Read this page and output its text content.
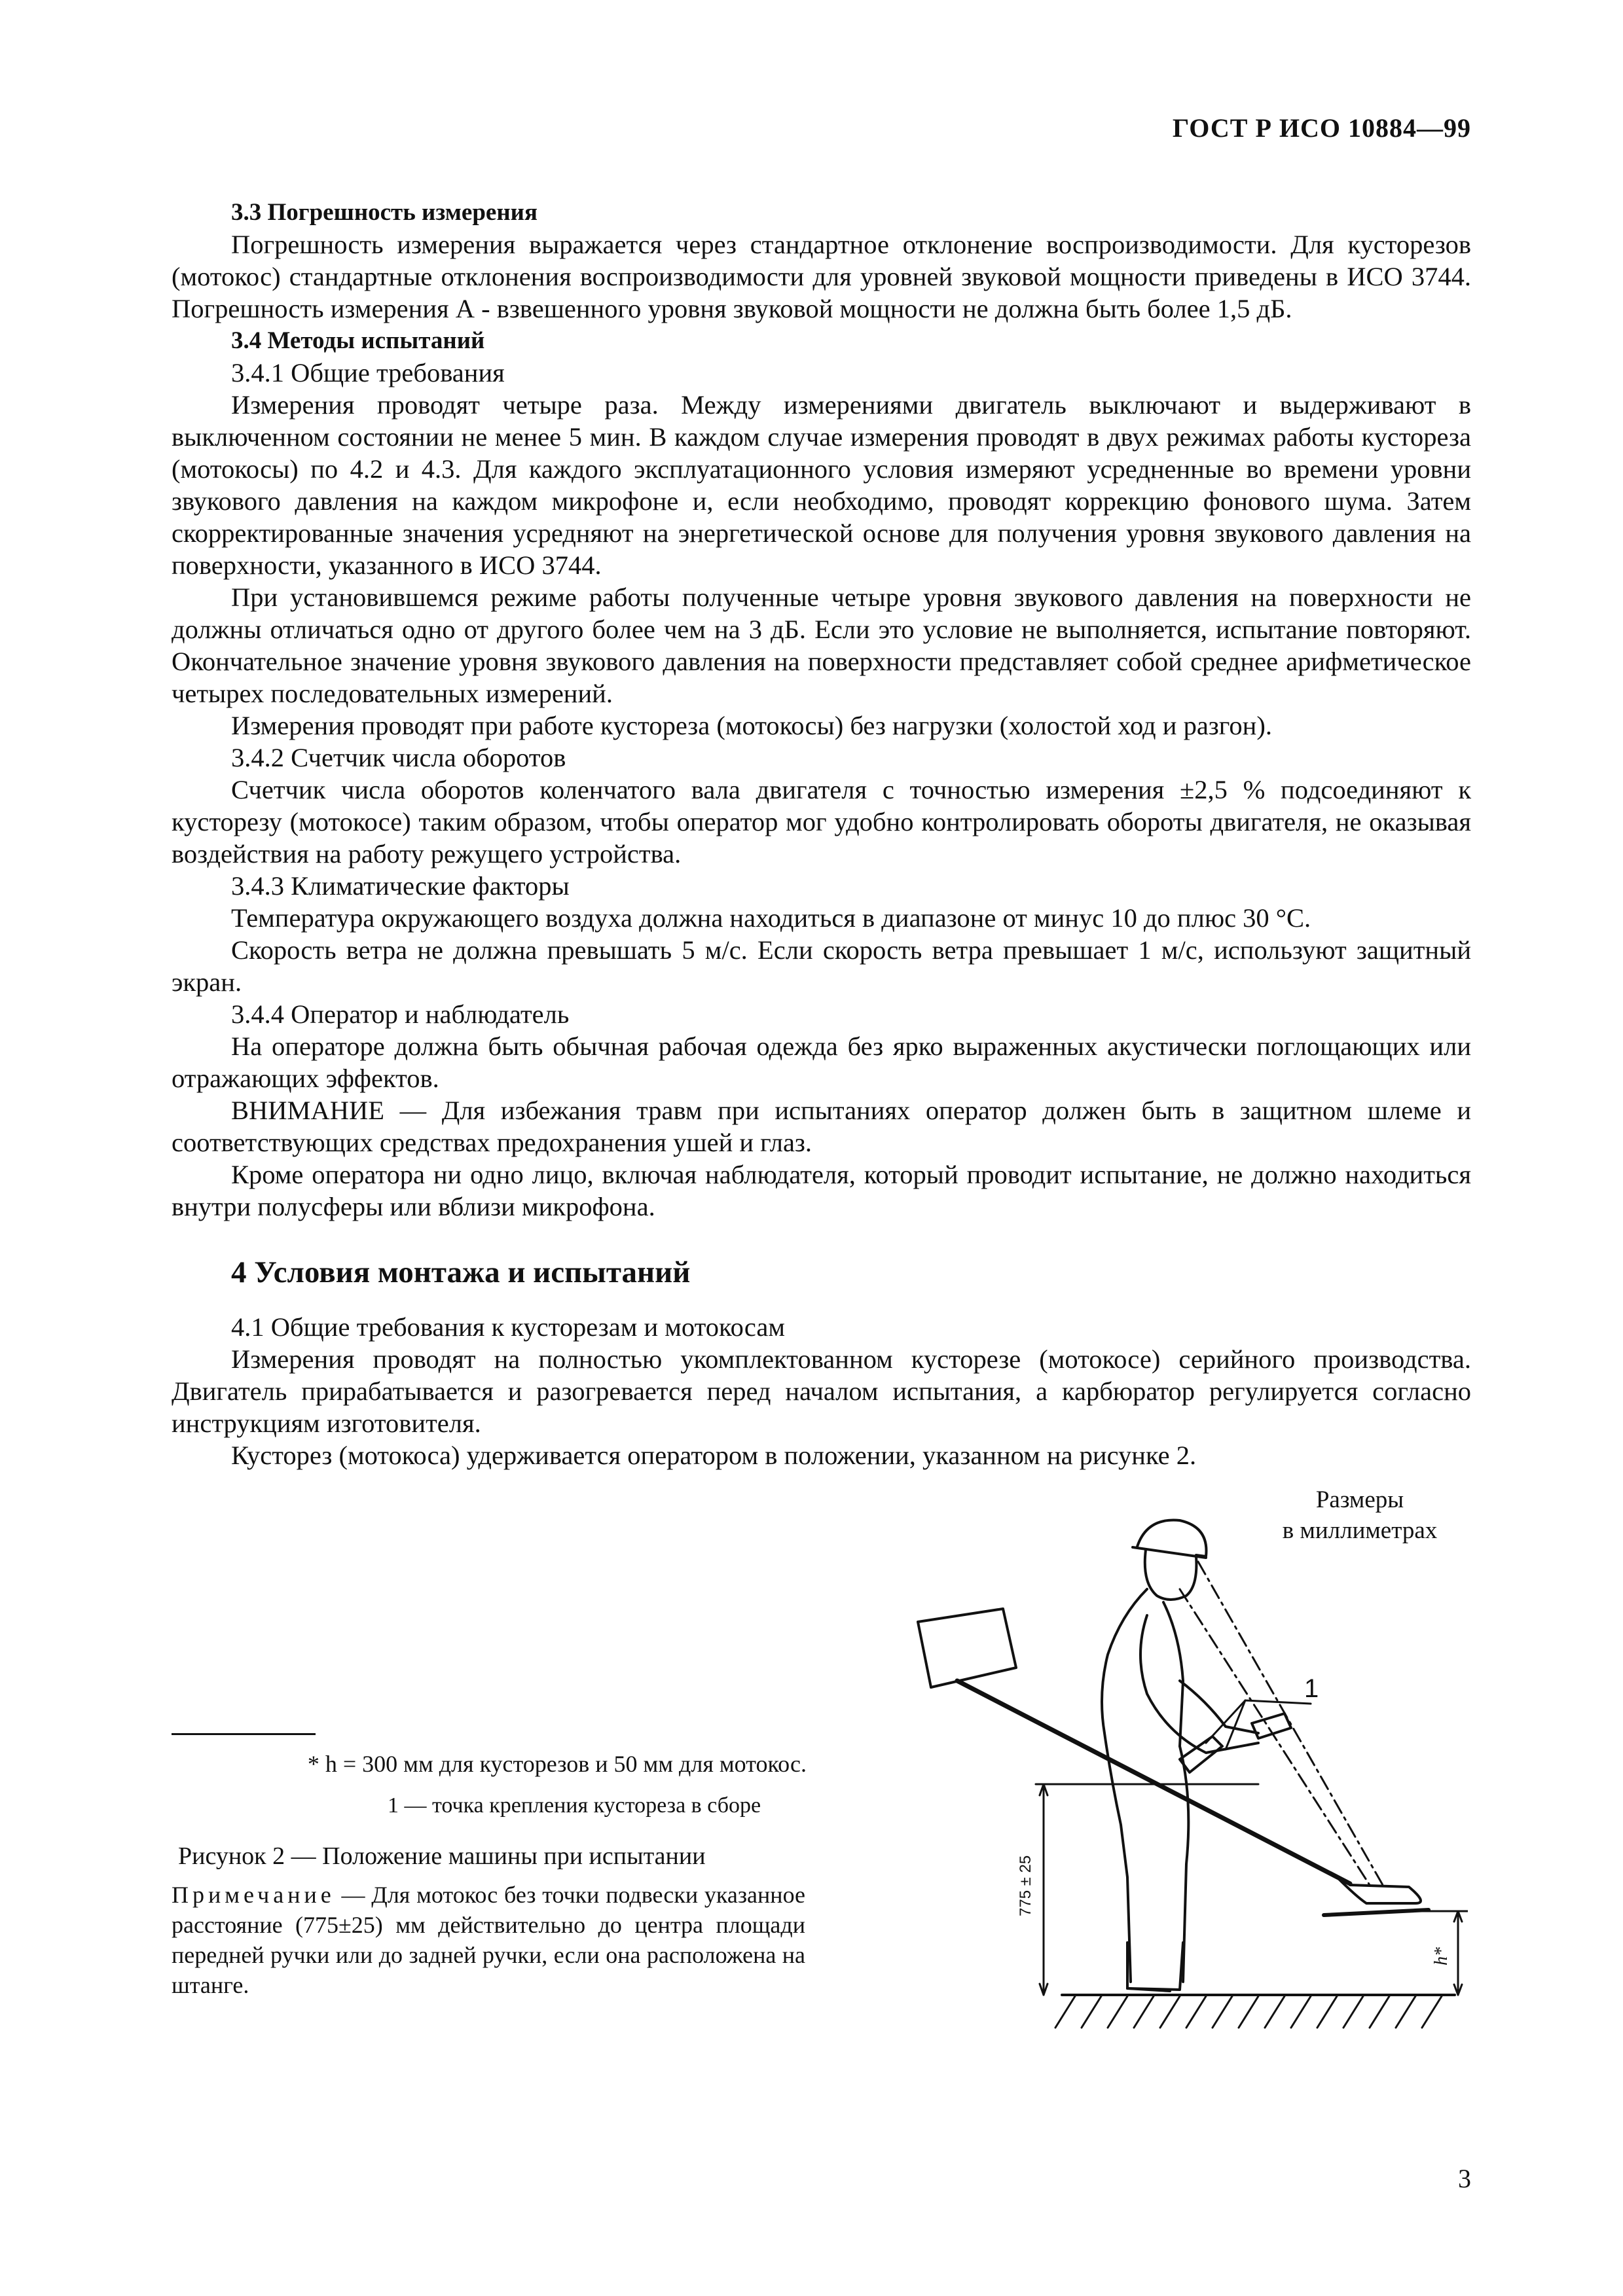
ГОСТ Р ИСО 10884—99

3.3 Погрешность измерения

Погрешность измерения выражается через стандартное отклонение воспроизводимости. Для кусторезов (мотокос) стандартные отклонения воспроизводимости для уровней звуковой мощности приведены в ИСО 3744. Погрешность измерения А - взвешенного уровня звуковой мощности не должна быть более 1,5 дБ.

3.4 Методы испытаний

3.4.1 Общие требования

Измерения проводят четыре раза. Между измерениями двигатель выключают и выдерживают в выключенном состоянии не менее 5 мин. В каждом случае измерения проводят в двух режимах работы кустореза (мотокосы) по 4.2 и 4.3. Для каждого эксплуатационного условия измеряют усредненные во времени уровни звукового давления на каждом микрофоне и, если необходимо, проводят коррекцию фонового шума. Затем скорректированные значения усредняют на энергетической основе для получения уровня звукового давления на поверхности, указанного в ИСО 3744.

При установившемся режиме работы полученные четыре уровня звукового давления на поверхности не должны отличаться одно от другого более чем на 3 дБ. Если это условие не выполняется, испытание повторяют. Окончательное значение уровня звукового давления на поверхности представляет собой среднее арифметическое четырех последовательных измерений.

Измерения проводят при работе кустореза (мотокосы) без нагрузки (холостой ход и разгон).

3.4.2 Счетчик числа оборотов

Счетчик числа оборотов коленчатого вала двигателя с точностью измерения ±2,5 % подсоединяют к кусторезу (мотокосе) таким образом, чтобы оператор мог удобно контролировать обороты двигателя, не оказывая воздействия на работу режущего устройства.

3.4.3 Климатические факторы

Температура окружающего воздуха должна находиться в диапазоне от минус 10 до плюс 30 °С.

Скорость ветра не должна превышать 5 м/с. Если скорость ветра превышает 1 м/с, используют защитный экран.

3.4.4 Оператор и наблюдатель

На операторе должна быть обычная рабочая одежда без ярко выраженных акустически поглощающих или отражающих эффектов.

ВНИМАНИЕ — Для избежания травм при испытаниях оператор должен быть в защитном шлеме и соответствующих средствах предохранения ушей и глаз.

Кроме оператора ни одно лицо, включая наблюдателя, который проводит испытание, не должно находиться внутри полусферы или вблизи микрофона.

4 Условия монтажа и испытаний

4.1 Общие требования к кусторезам и мотокосам

Измерения проводят на полностью укомплектованном кусторезе (мотокосе) серийного производства. Двигатель прирабатывается и разогревается перед началом испытания, а карбюратор регулируется согласно инструкциям изготовителя.

Кусторез (мотокоса) удерживается оператором в положении, указанном на рисунке 2.

* h = 300 мм для кусторезов и 50 мм для мотокос.
1 — точка крепления кустореза в сборе
Рисунок 2 — Положение машины при испытании
Примечание — Для мотокос без точки подвески указанное расстояние (775±25) мм действительно до центра площади передней ручки или до задней ручки, если она расположена на штанге.
Размеры
в миллиметрах
1
775 ± 25
h*
3
